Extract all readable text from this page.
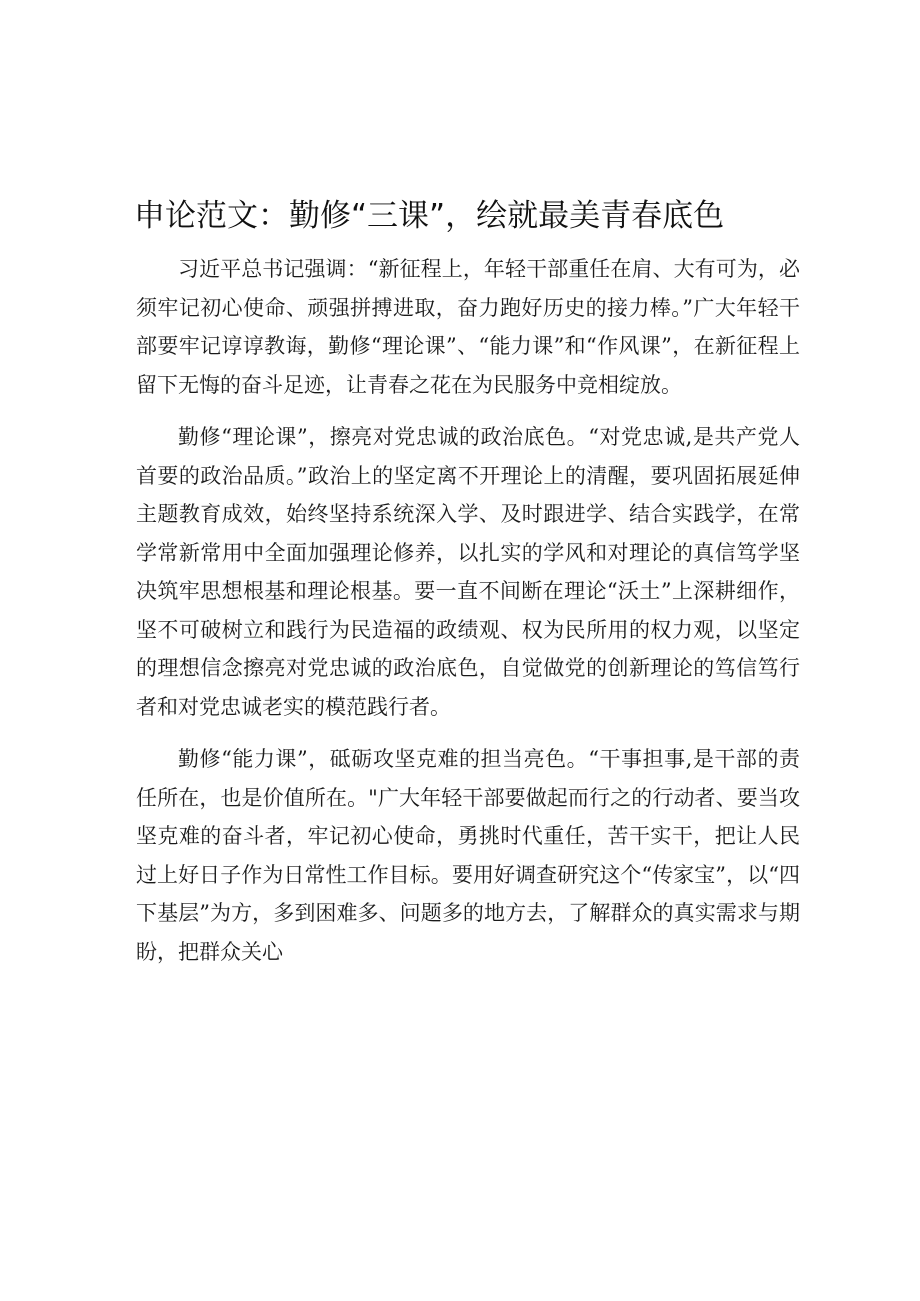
申论范文：勤修“三课”，绘就最美青春底色

习近平总书记强调：“新征程上，年轻干部重任在肩、大有可为，必须牢记初心使命、顽强拼搏进取，奋力跑好历史的接力棒。”广大年轻干部要牢记谆谆教诲，勤修“理论课”、“能力课”和“作风课”，在新征程上留下无悔的奋斗足迹，让青春之花在为民服务中竞相绽放。

勤修“理论课”，擦亮对党忠诚的政治底色。“对党忠诚,是共产党人首要的政治品质。”政治上的坚定离不开理论上的清醒，要巩固拓展延伸主题教育成效，始终坚持系统深入学、及时跟进学、结合实践学，在常学常新常用中全面加强理论修养，以扎实的学风和对理论的真信笃学坚决筑牢思想根基和理论根基。要一直不间断在理论“沃土”上深耕细作，坚不可破树立和践行为民造福的政绩观、权为民所用的权力观，以坚定的理想信念擦亮对党忠诚的政治底色，自觉做党的创新理论的笃信笃行者和对党忠诚老实的模范践行者。

勤修“能力课”，砥砺攻坚克难的担当亮色。“干事担事,是干部的责任所在，也是价值所在。"广大年轻干部要做起而行之的行动者、要当攻坚克难的奋斗者，牢记初心使命，勇挑时代重任，苦干实干，把让人民过上好日子作为日常性工作目标。要用好调查研究这个“传家宝”，以“四下基层”为方，多到困难多、问题多的地方去，了解群众的真实需求与期盼，把群众关心
